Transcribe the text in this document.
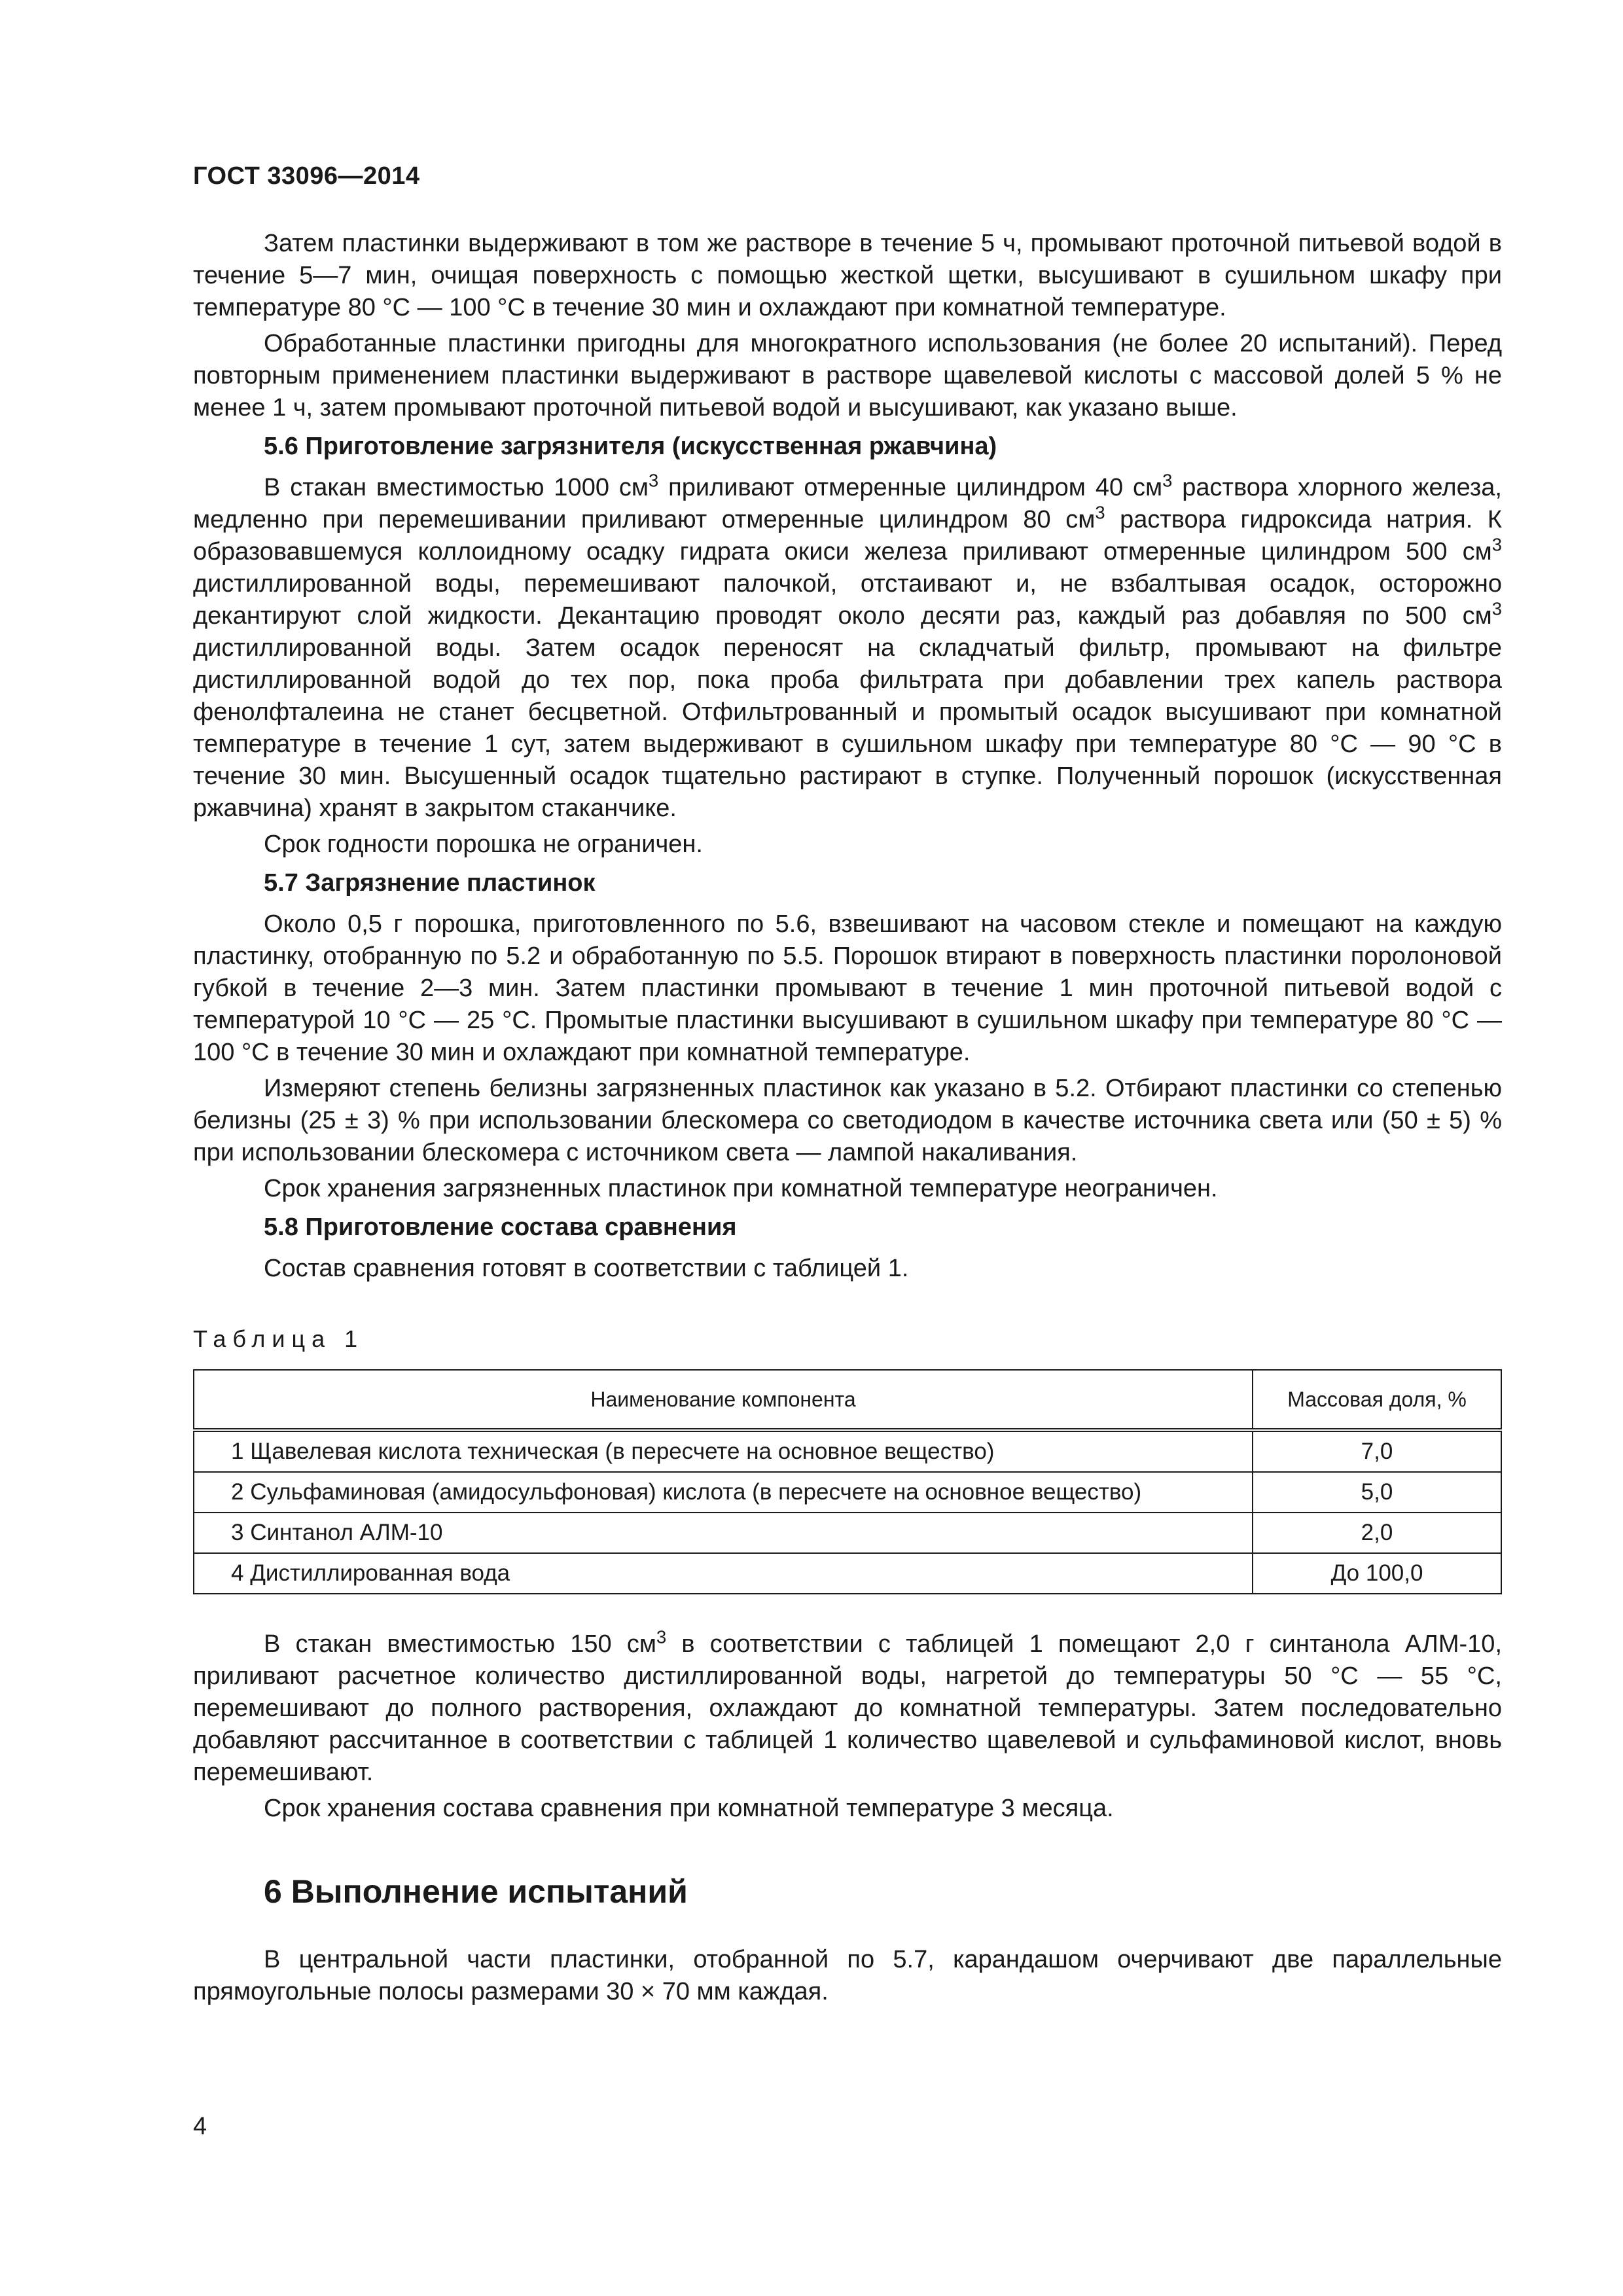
ГОСТ 33096—2014

Затем пластинки выдерживают в том же растворе в течение 5 ч, промывают проточной питьевой водой в течение 5—7 мин, очищая поверхность с помощью жесткой щетки, высушивают в сушильном шкафу при температуре 80 °С — 100 °С в течение 30 мин и охлаждают при комнатной температуре.

Обработанные пластинки пригодны для многократного использования (не более 20 испытаний). Перед повторным применением пластинки выдерживают в растворе щавелевой кислоты с массовой долей 5 % не менее 1 ч, затем промывают проточной питьевой водой и высушивают, как указано выше.

5.6 Приготовление загрязнителя (искусственная ржавчина)

В стакан вместимостью 1000 $см^3$ приливают отмеренные цилиндром 40 $см^3$ раствора хлорного железа, медленно при перемешивании приливают отмеренные цилиндром 80 $см^3$ раствора гидроксида натрия. К образовавшемуся коллоидному осадку гидрата окиси железа приливают отмеренные цилиндром 500 $см^3$ дистиллированной воды, перемешивают палочкой, отстаивают и, не взбалтывая осадок, осторожно декантируют слой жидкости. Декантацию проводят около десяти раз, каждый раз добавляя по 500 $см^3$ дистиллированной воды. Затем осадок переносят на складчатый фильтр, промывают на фильтре дистиллированной водой до тех пор, пока проба фильтрата при добавлении трех капель раствора фенолфталеина не станет бесцветной. Отфильтрованный и промытый осадок высушивают при комнатной температуре в течение 1 сут, затем выдерживают в сушильном шкафу при температуре 80 °С — 90 °С в течение 30 мин. Высушенный осадок тщательно растирают в ступке. Полученный порошок (искусственная ржавчина) хранят в закрытом стаканчике.

Срок годности порошка не ограничен.

5.7 Загрязнение пластинок

Около 0,5 г порошка, приготовленного по 5.6, взвешивают на часовом стекле и помещают на каждую пластинку, отобранную по 5.2 и обработанную по 5.5. Порошок втирают в поверхность пластинки поролоновой губкой в течение 2—3 мин. Затем пластинки промывают в течение 1 мин проточной питьевой водой с температурой 10 °С — 25 °С. Промытые пластинки высушивают в сушильном шкафу при температуре 80 °С — 100 °С в течение 30 мин и охлаждают при комнатной температуре.

Измеряют степень белизны загрязненных пластинок как указано в 5.2. Отбирают пластинки со степенью белизны (25 ± 3) % при использовании блескомера со светодиодом в качестве источника света или (50 ± 5) % при использовании блескомера с источником света — лампой накаливания.

Срок хранения загрязненных пластинок при комнатной температуре неограничен.

5.8 Приготовление состава сравнения

Состав сравнения готовят в соответствии с таблицей 1.

Таблица 1
Наименование компонента	Массовая доля, %
1 Щавелевая кислота техническая (в пересчете на основное вещество)	7,0
2 Сульфаминовая (амидосульфоновая) кислота (в пересчете на основное вещество)	5,0
3 Синтанол АЛМ-10	2,0
4 Дистиллированная вода	До 100,0

В стакан вместимостью 150 $см^3$ в соответствии с таблицей 1 помещают 2,0 г синтанола АЛМ-10, приливают расчетное количество дистиллированной воды, нагретой до температуры 50 °С — 55 °С, перемешивают до полного растворения, охлаждают до комнатной температуры. Затем последовательно добавляют рассчитанное в соответствии с таблицей 1 количество щавелевой и сульфаминовой кислот, вновь перемешивают.

Срок хранения состава сравнения при комнатной температуре 3 месяца.

6 Выполнение испытаний

В центральной части пластинки, отобранной по 5.7, карандашом очерчивают две параллельные прямоугольные полосы размерами 30 × 70 мм каждая.

4
